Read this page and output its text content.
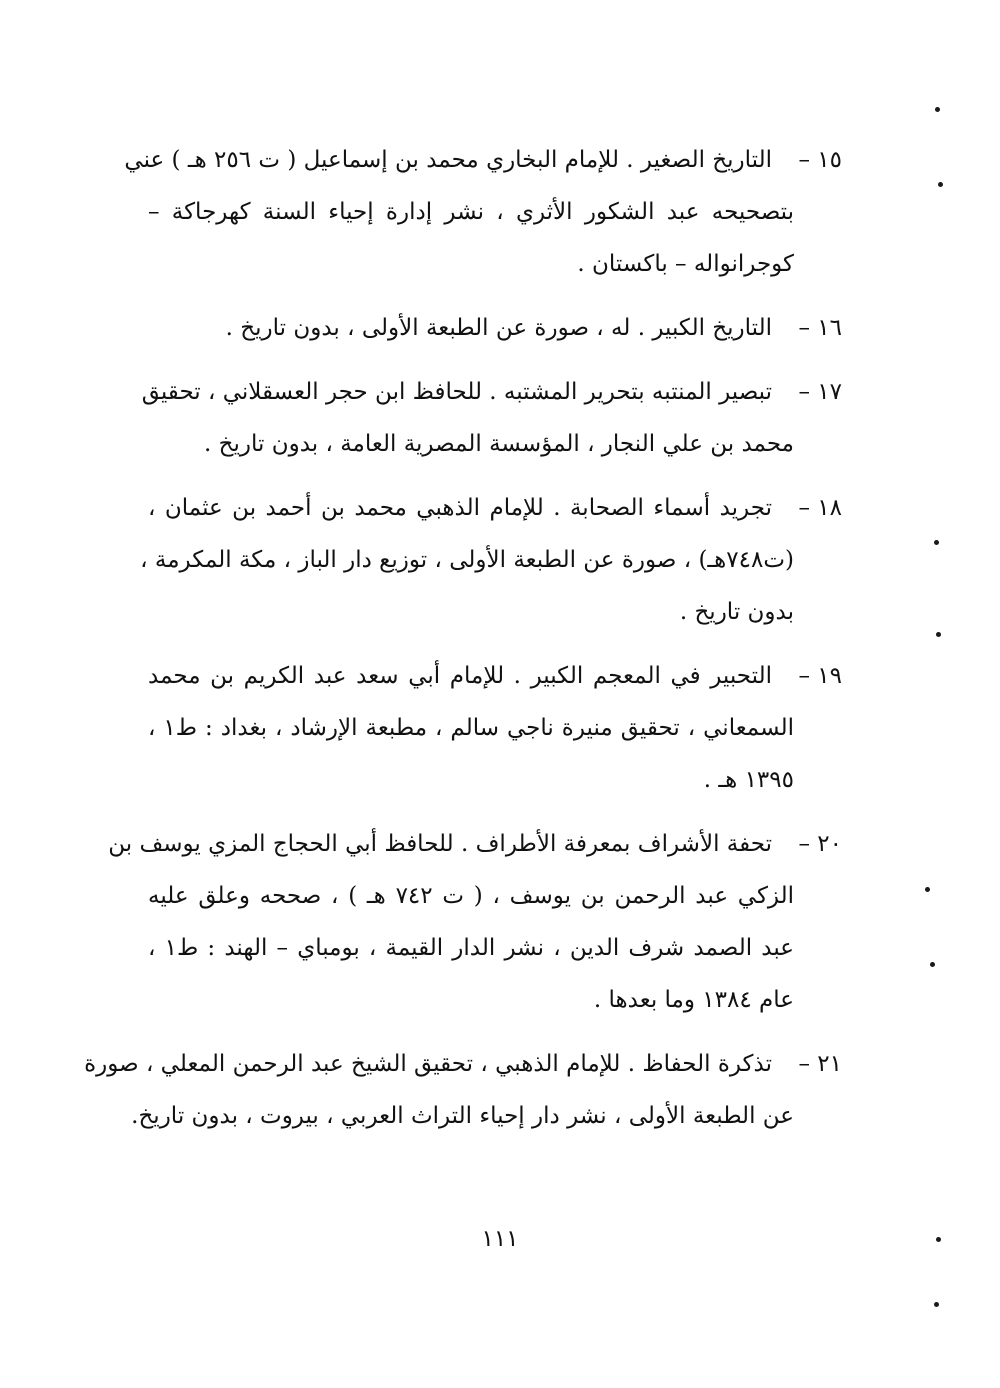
١٥ –
التاريخ الصغير . للإمام البخاري محمد بن إسماعيل ( ت ٢٥٦ هـ ) عني
بتصحيحه عبد الشكور الأثري ، نشر إدارة إحياء السنة كهرجاكة –
كوجرانواله – باكستان .
١٦ –
التاريخ الكبير . له ، صورة عن الطبعة الأولى ، بدون تاريخ .
١٧ –
تبصير المنتبه بتحرير المشتبه . للحافظ ابن حجر العسقلاني ، تحقيق
محمد بن علي النجار ، المؤسسة المصرية العامة ، بدون تاريخ .
١٨ –
تجريد أسماء الصحابة . للإمام الذهبي محمد بن أحمد بن عثمان ،
(ت٧٤٨هـ) ، صورة عن الطبعة الأولى ، توزيع دار الباز ، مكة المكرمة ،
بدون تاريخ .
١٩ –
التحبير في المعجم الكبير . للإمام أبي سعد عبد الكريم بن محمد
السمعاني ، تحقيق منيرة ناجي سالم ، مطبعة الإرشاد ، بغداد : ط١ ،
١٣٩٥ هـ .
٢٠ –
تحفة الأشراف بمعرفة الأطراف . للحافظ أبي الحجاج المزي يوسف بن
الزكي عبد الرحمن بن يوسف ، ( ت ٧٤٢ هـ ) ، صححه وعلق عليه
عبد الصمد شرف الدين ، نشر الدار القيمة ، بومباي – الهند : ط١ ،
عام ١٣٨٤ وما بعدها .
٢١ –
تذكرة الحفاظ . للإمام الذهبي ، تحقيق الشيخ عبد الرحمن المعلي ، صورة
عن الطبعة الأولى ، نشر دار إحياء التراث العربي ، بيروت ، بدون تاريخ.
١١١
